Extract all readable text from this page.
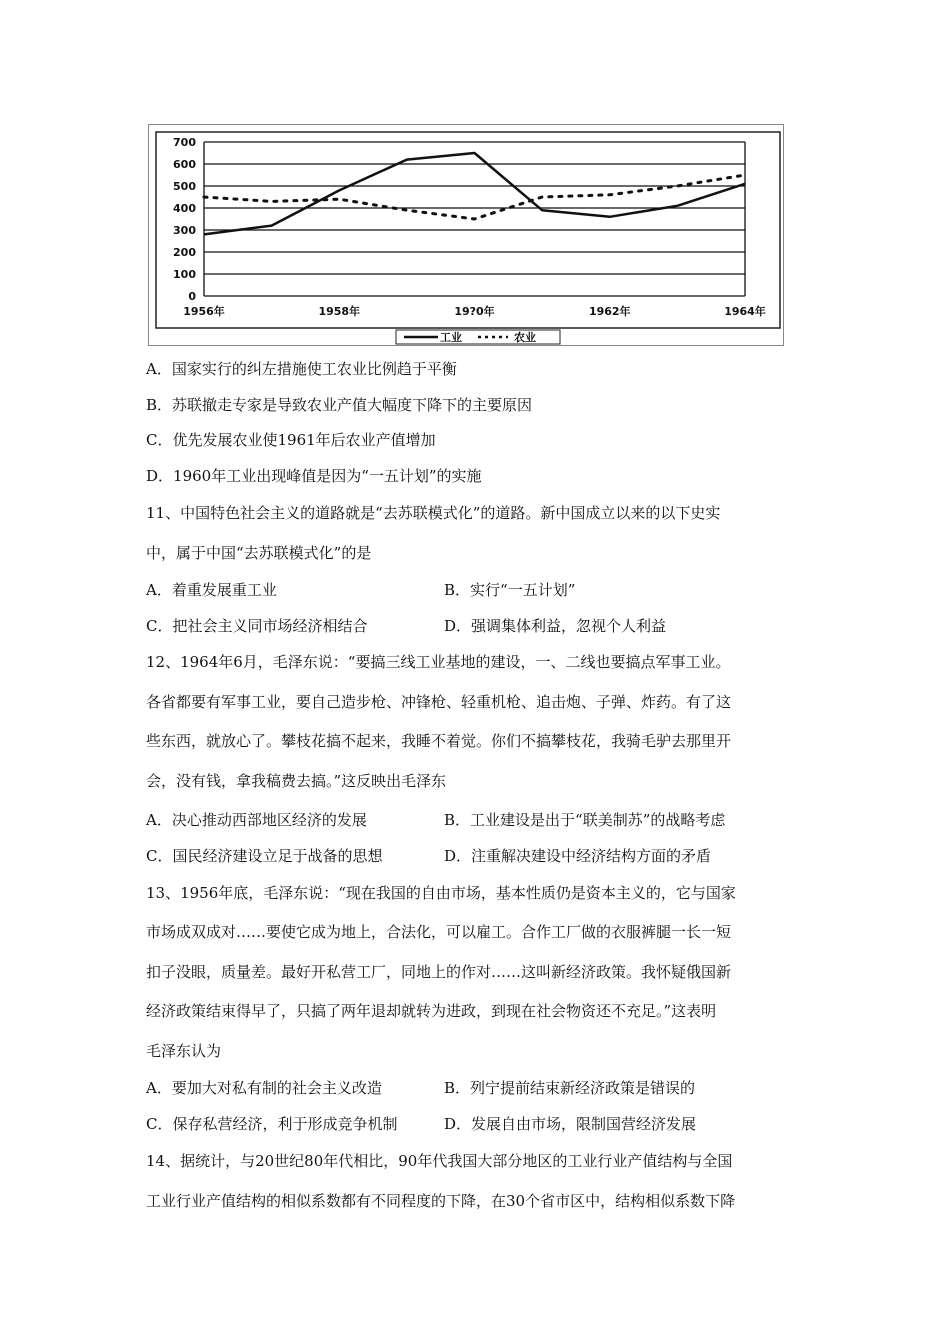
0
100
200
300
400
500
600
700
1956年	1958年	19?0年	1962年	1964年
工业	农业
A．国家实行的纠左措施使工农业比例趋于平衡
B．苏联撤走专家是导致农业产值大幅度下降下的主要原因
C．优先发展农业使1961年后农业产值增加
D．1960年工业出现峰值是因为“一五计划”的实施
11、中国特色社会主义的道路就是“去苏联模式化”的道路。新中国成立以来的以下史实
中，属于中国“去苏联模式化”的是
A．着重发展重工业	B．实行“一五计划”
C．把社会主义同市场经济相结合	D．强调集体利益，忽视个人利益
12、1964年6月，毛泽东说：“要搞三线工业基地的建设，一、二线也要搞点军事工业。
各省都要有军事工业，要自己造步枪、冲锋枪、轻重机枪、追击炮、子弹、炸药。有了这
些东西，就放心了。攀枝花搞不起来，我睡不着觉。你们不搞攀枝花，我骑毛驴去那里开
会，没有钱，拿我稿费去搞。”这反映出毛泽东
A．决心推动西部地区经济的发展	B．工业建设是出于“联美制苏”的战略考虑
C．国民经济建设立足于战备的思想	D．注重解决建设中经济结构方面的矛盾
13、1956年底，毛泽东说：“现在我国的自由市场，基本性质仍是资本主义的，它与国家
市场成双成对……要使它成为地上，合法化，可以雇工。合作工厂做的衣服裤腿一长一短
扣子没眼，质量差。最好开私营工厂，同地上的作对……这叫新经济政策。我怀疑俄国新
经济政策结束得早了，只搞了两年退却就转为进政，到现在社会物资还不充足。”这表明
毛泽东认为
A．要加大对私有制的社会主义改造	B．列宁提前结束新经济政策是错误的
C．保存私营经济，利于形成竞争机制	D．发展自由市场，限制国营经济发展
14、据统计，与20世纪80年代相比，90年代我国大部分地区的工业行业产值结构与全国
工业行业产值结构的相似系数都有不同程度的下降，在30个省市区中，结构相似系数下降
